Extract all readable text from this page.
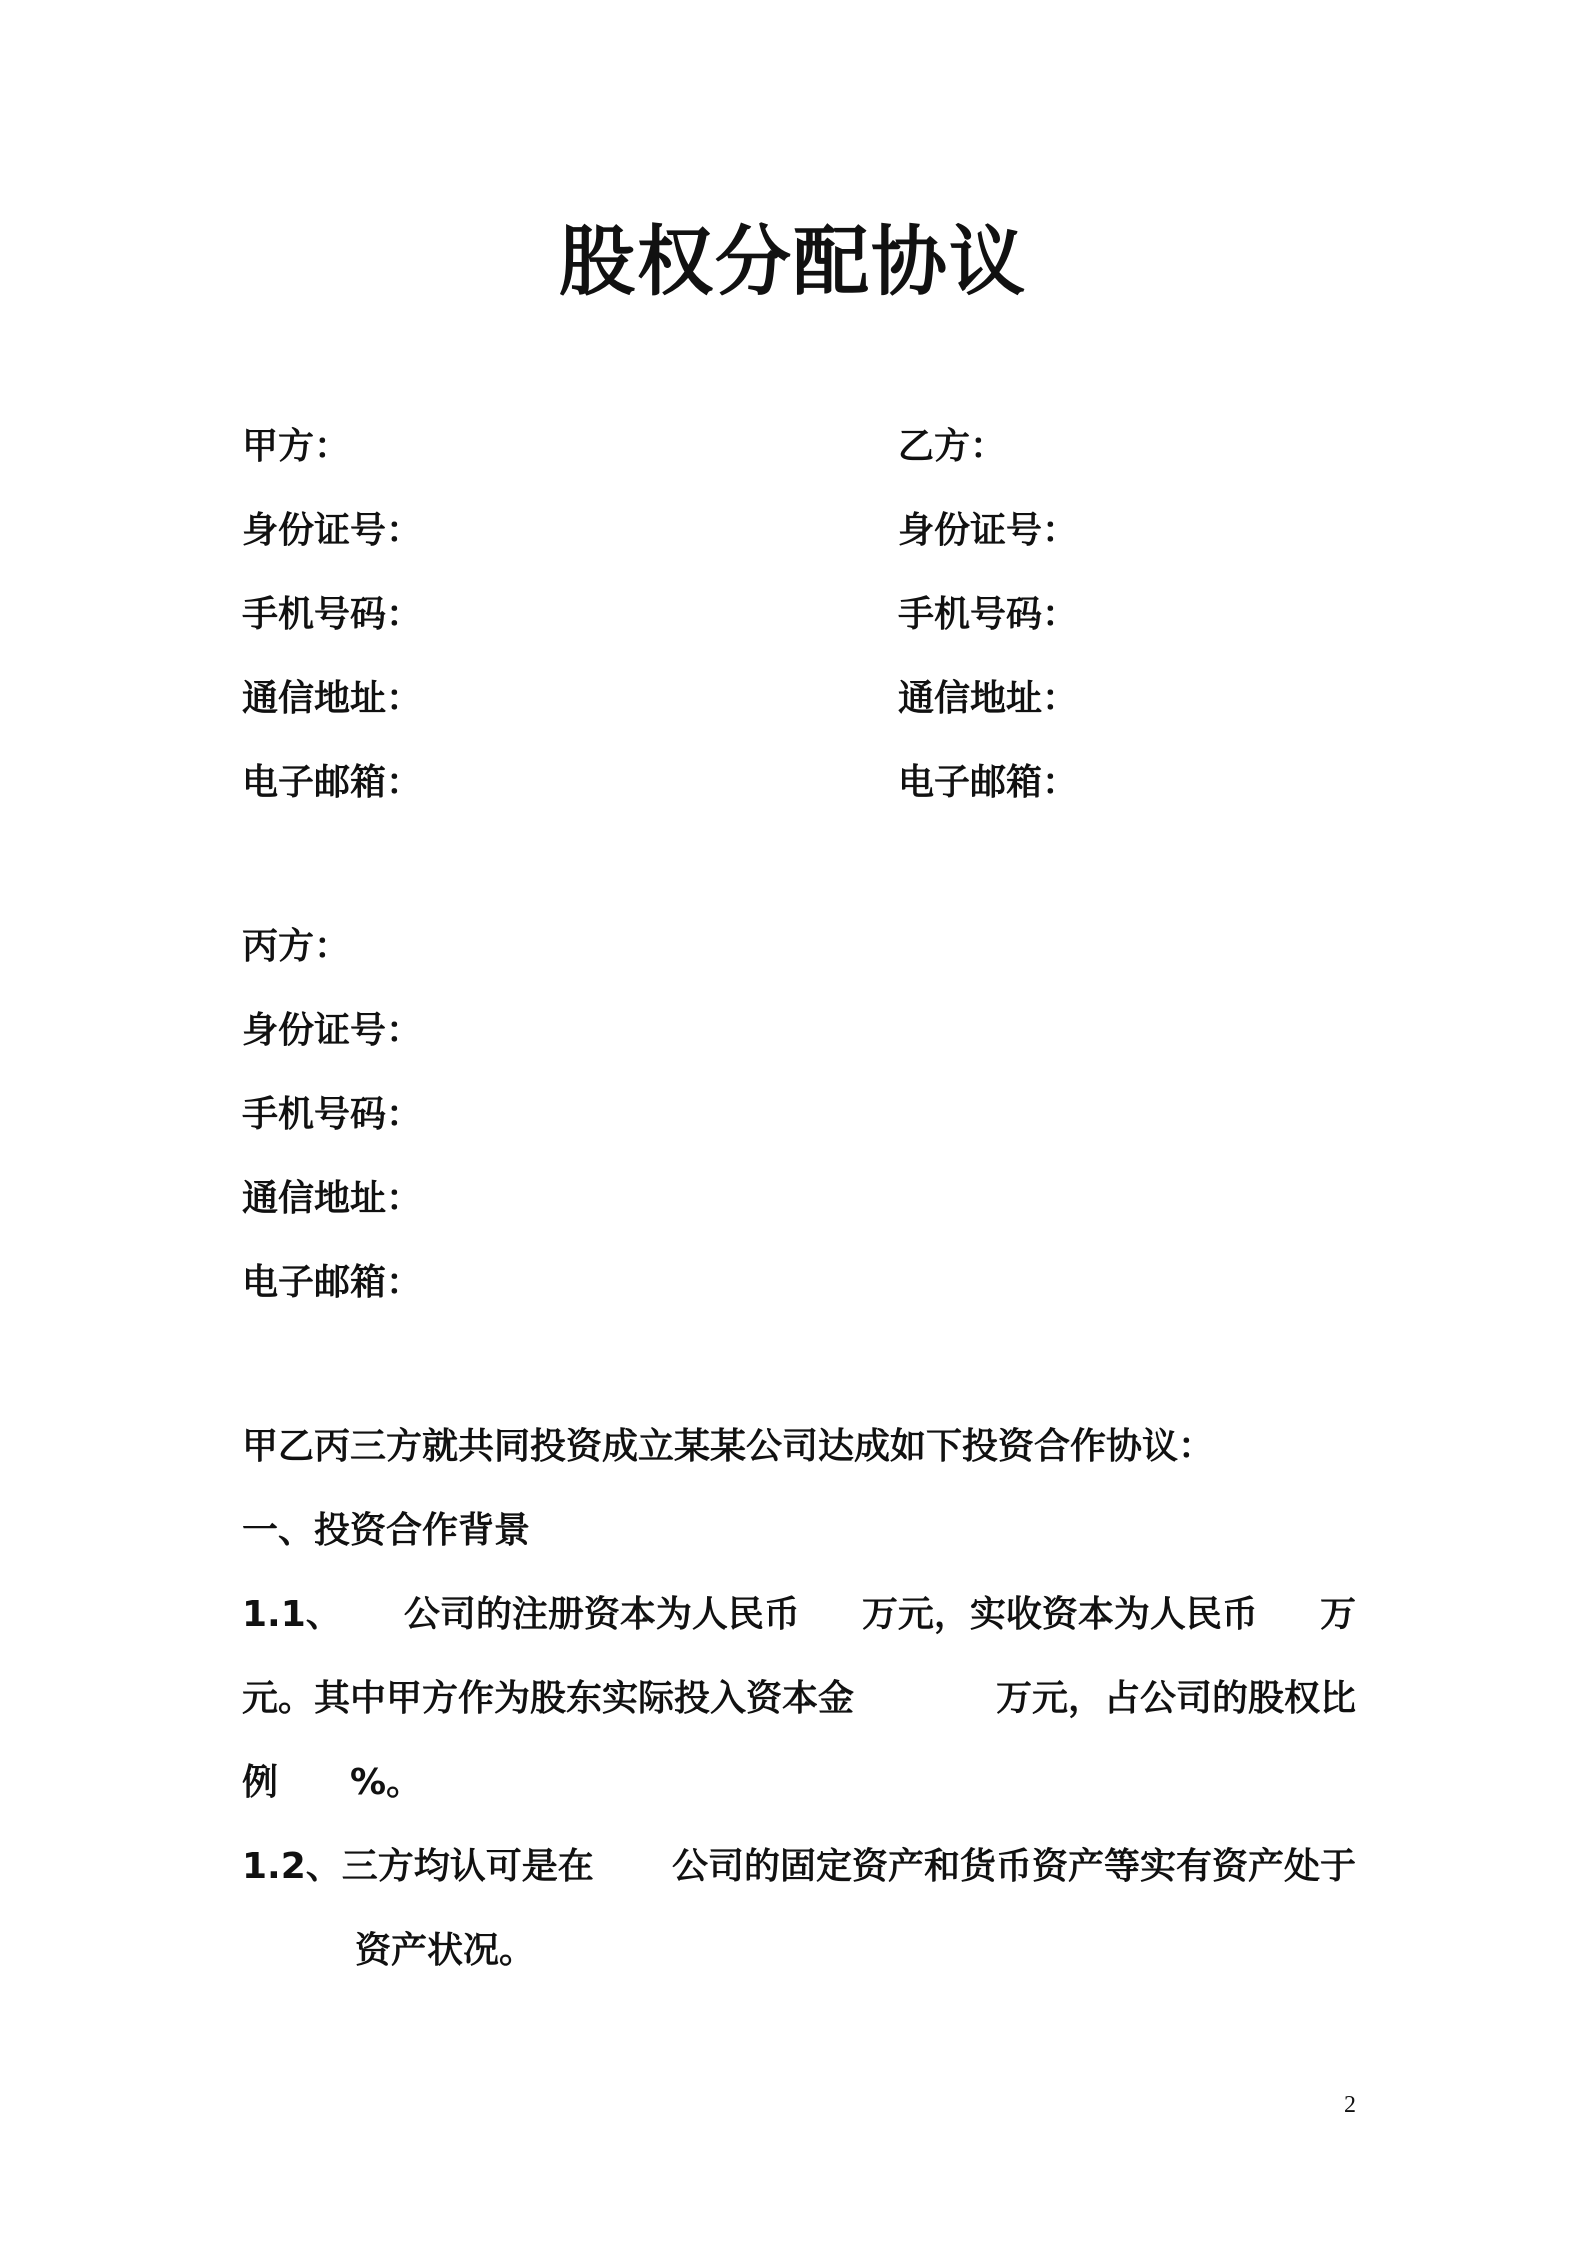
股权分配协议
甲方：
身份证号：
手机号码：
通信地址：
电子邮箱：
乙方：
身份证号：
手机号码：
通信地址：
电子邮箱：
丙方：
身份证号：
手机号码：
通信地址：
电子邮箱：
甲乙丙三方就共同投资成立某某公司达成如下投资合作协议：
一、投资合作背景
1.1、 公司的注册资本为人民币 万元，实收资本为人民币 万
元。其中甲方作为股东实际投入资本金	万元，占公司的股权比
例 %。
1.2、三方均认可是在 公司的固定资产和货币资产等实有资产处于
资产状况。
2
